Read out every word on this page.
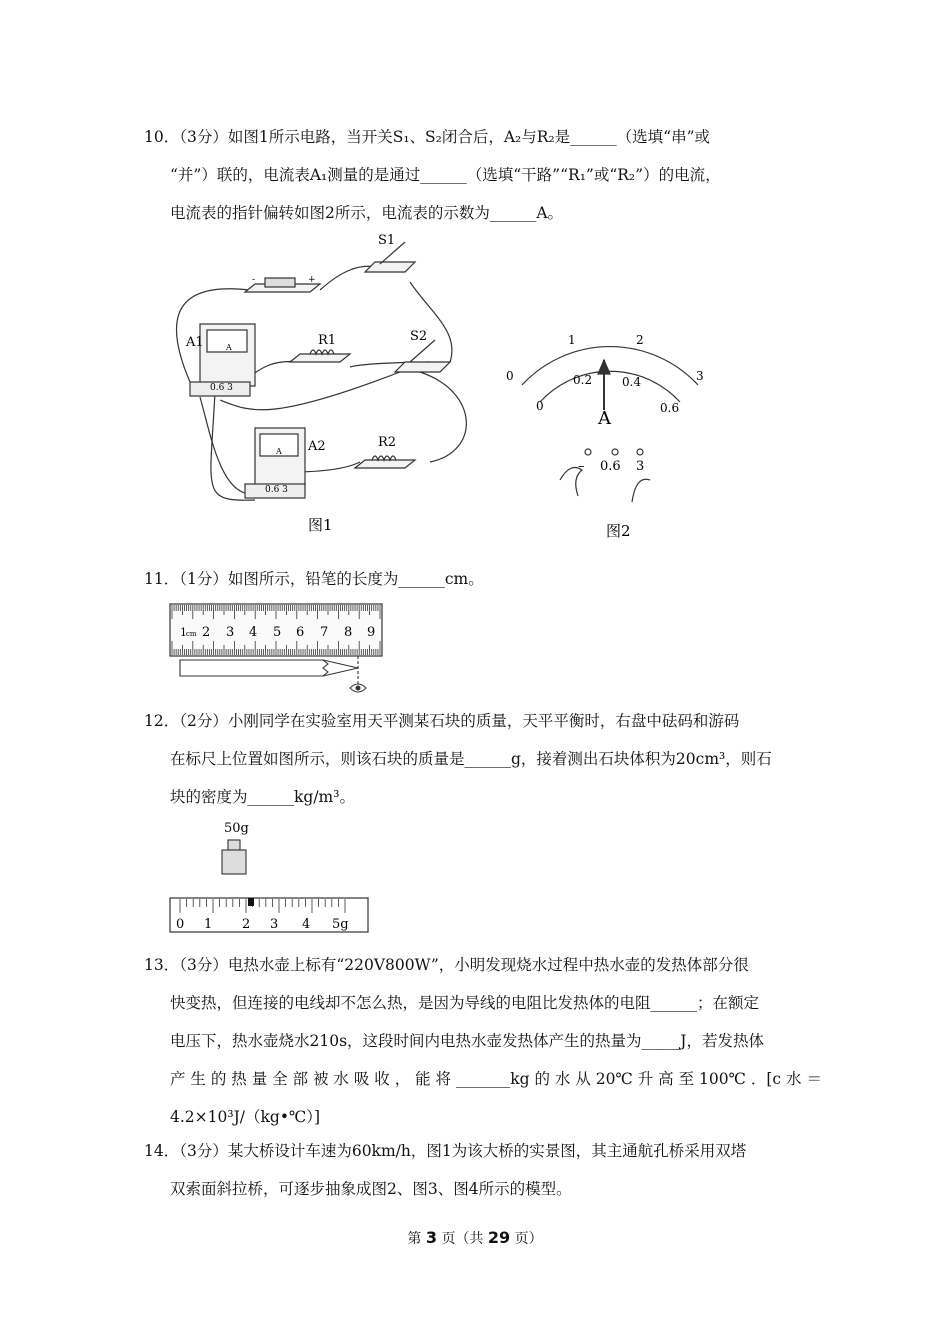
10．（3分）如图1所示电路，当开关S₁、S₂闭合后，A₂与R₂是______（选填“串”或
“并”）联的，电流表A₁测量的是通过______（选填“干路”“R₁”或“R₂”）的电流，
电流表的指针偏转如图2所示，电流表的示数为______A。
S1
S2
R1
R2
A1
A2
A
A
-	+
0.6 3
0.6 3
图1
0
1	2
3
0
0.2 0.4
0.6
A
– 0.6 3
图2
11．（1分）如图所示，铅笔的长度为______cm。
1 cm 2 3 4 5 6 7 8 9
12．（2分）小刚同学在实验室用天平测某石块的质量，天平平衡时，右盘中砝码和游码
在标尺上位置如图所示，则该石块的质量是______g，接着测出石块体积为20cm³，则石
块的密度为______kg/m³。
50g
0 1 2 3 4 5g
13．（3分）电热水壶上标有“220V800W”，小明发现烧水过程中热水壶的发热体部分很
快变热，但连接的电线却不怎么热，是因为导线的电阻比发热体的电阻______；在额定
电压下，热水壶烧水210s，这段时间内电热水壶发热体产生的热量为_____J，若发热体
产 生 的 热 量 全 部 被 水 吸 收 ， 能 将 _______kg 的 水 从 20℃ 升 高 至 100℃ ．[c 水 ＝
4.2×10³J/（kg•℃）]
14．（3分）某大桥设计车速为60km/h，图1为该大桥的实景图，其主通航孔桥采用双塔
双索面斜拉桥，可逐步抽象成图2、图3、图4所示的模型。
第 3 页（共 29 页）
